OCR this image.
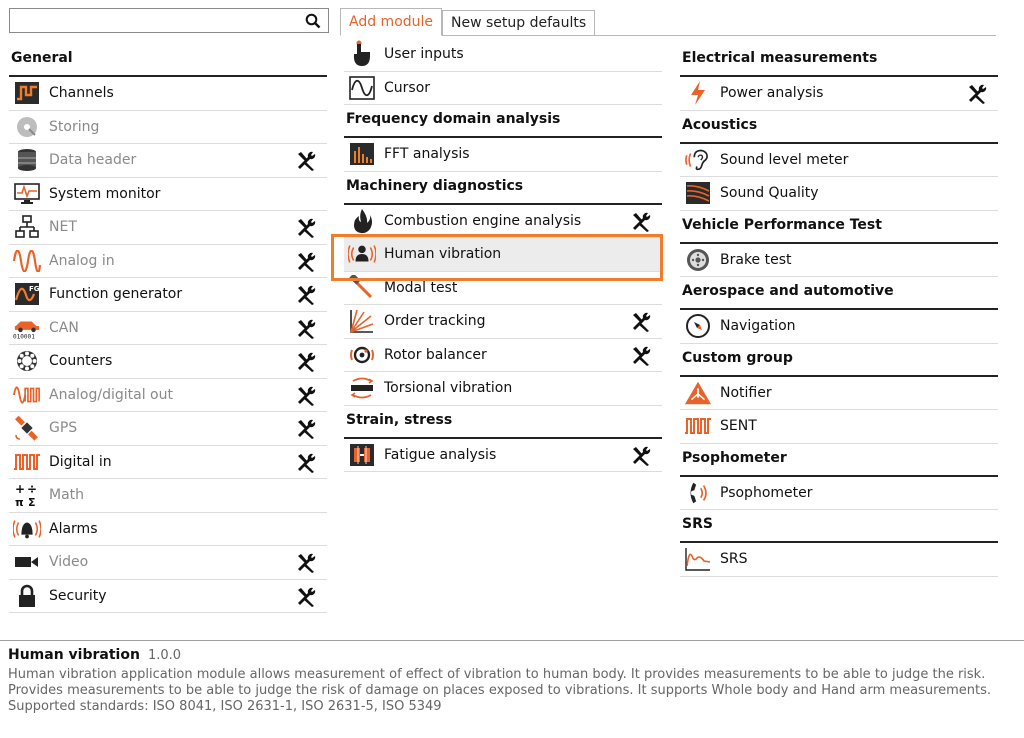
Add module	New setup defaults
General
Channels
Storing
Data header
System monitor
NET
Analog in
FG Function generator
010001
CAN
Counters
Analog/digital out
GPS
Digital in
+ ÷
π Σ Math
Alarms
Video
Security
User inputs
Cursor
Frequency domain analysis
FFT analysis
Machinery diagnostics
Combustion engine analysis
Human vibration
Modal test
Order tracking
Rotor balancer
Torsional vibration
Strain, stress
Fatigue analysis
Electrical measurements
Power analysis
Acoustics
Sound level meter
Sound Quality
Vehicle Performance Test
Brake test
Aerospace and automotive
Navigation
Custom group
Notifier
SENT
Psophometer
Psophometer
SRS
SRS
Human vibration 1.0.0
Human vibration application module allows measurement of effect of vibration to human body. It provides measurements to be able to judge the risk.
Provides measurements to be able to judge the risk of damage on places exposed to vibrations. It supports Whole body and Hand arm measurements.
Supported standards: ISO 8041, ISO 2631-1, ISO 2631-5, ISO 5349
